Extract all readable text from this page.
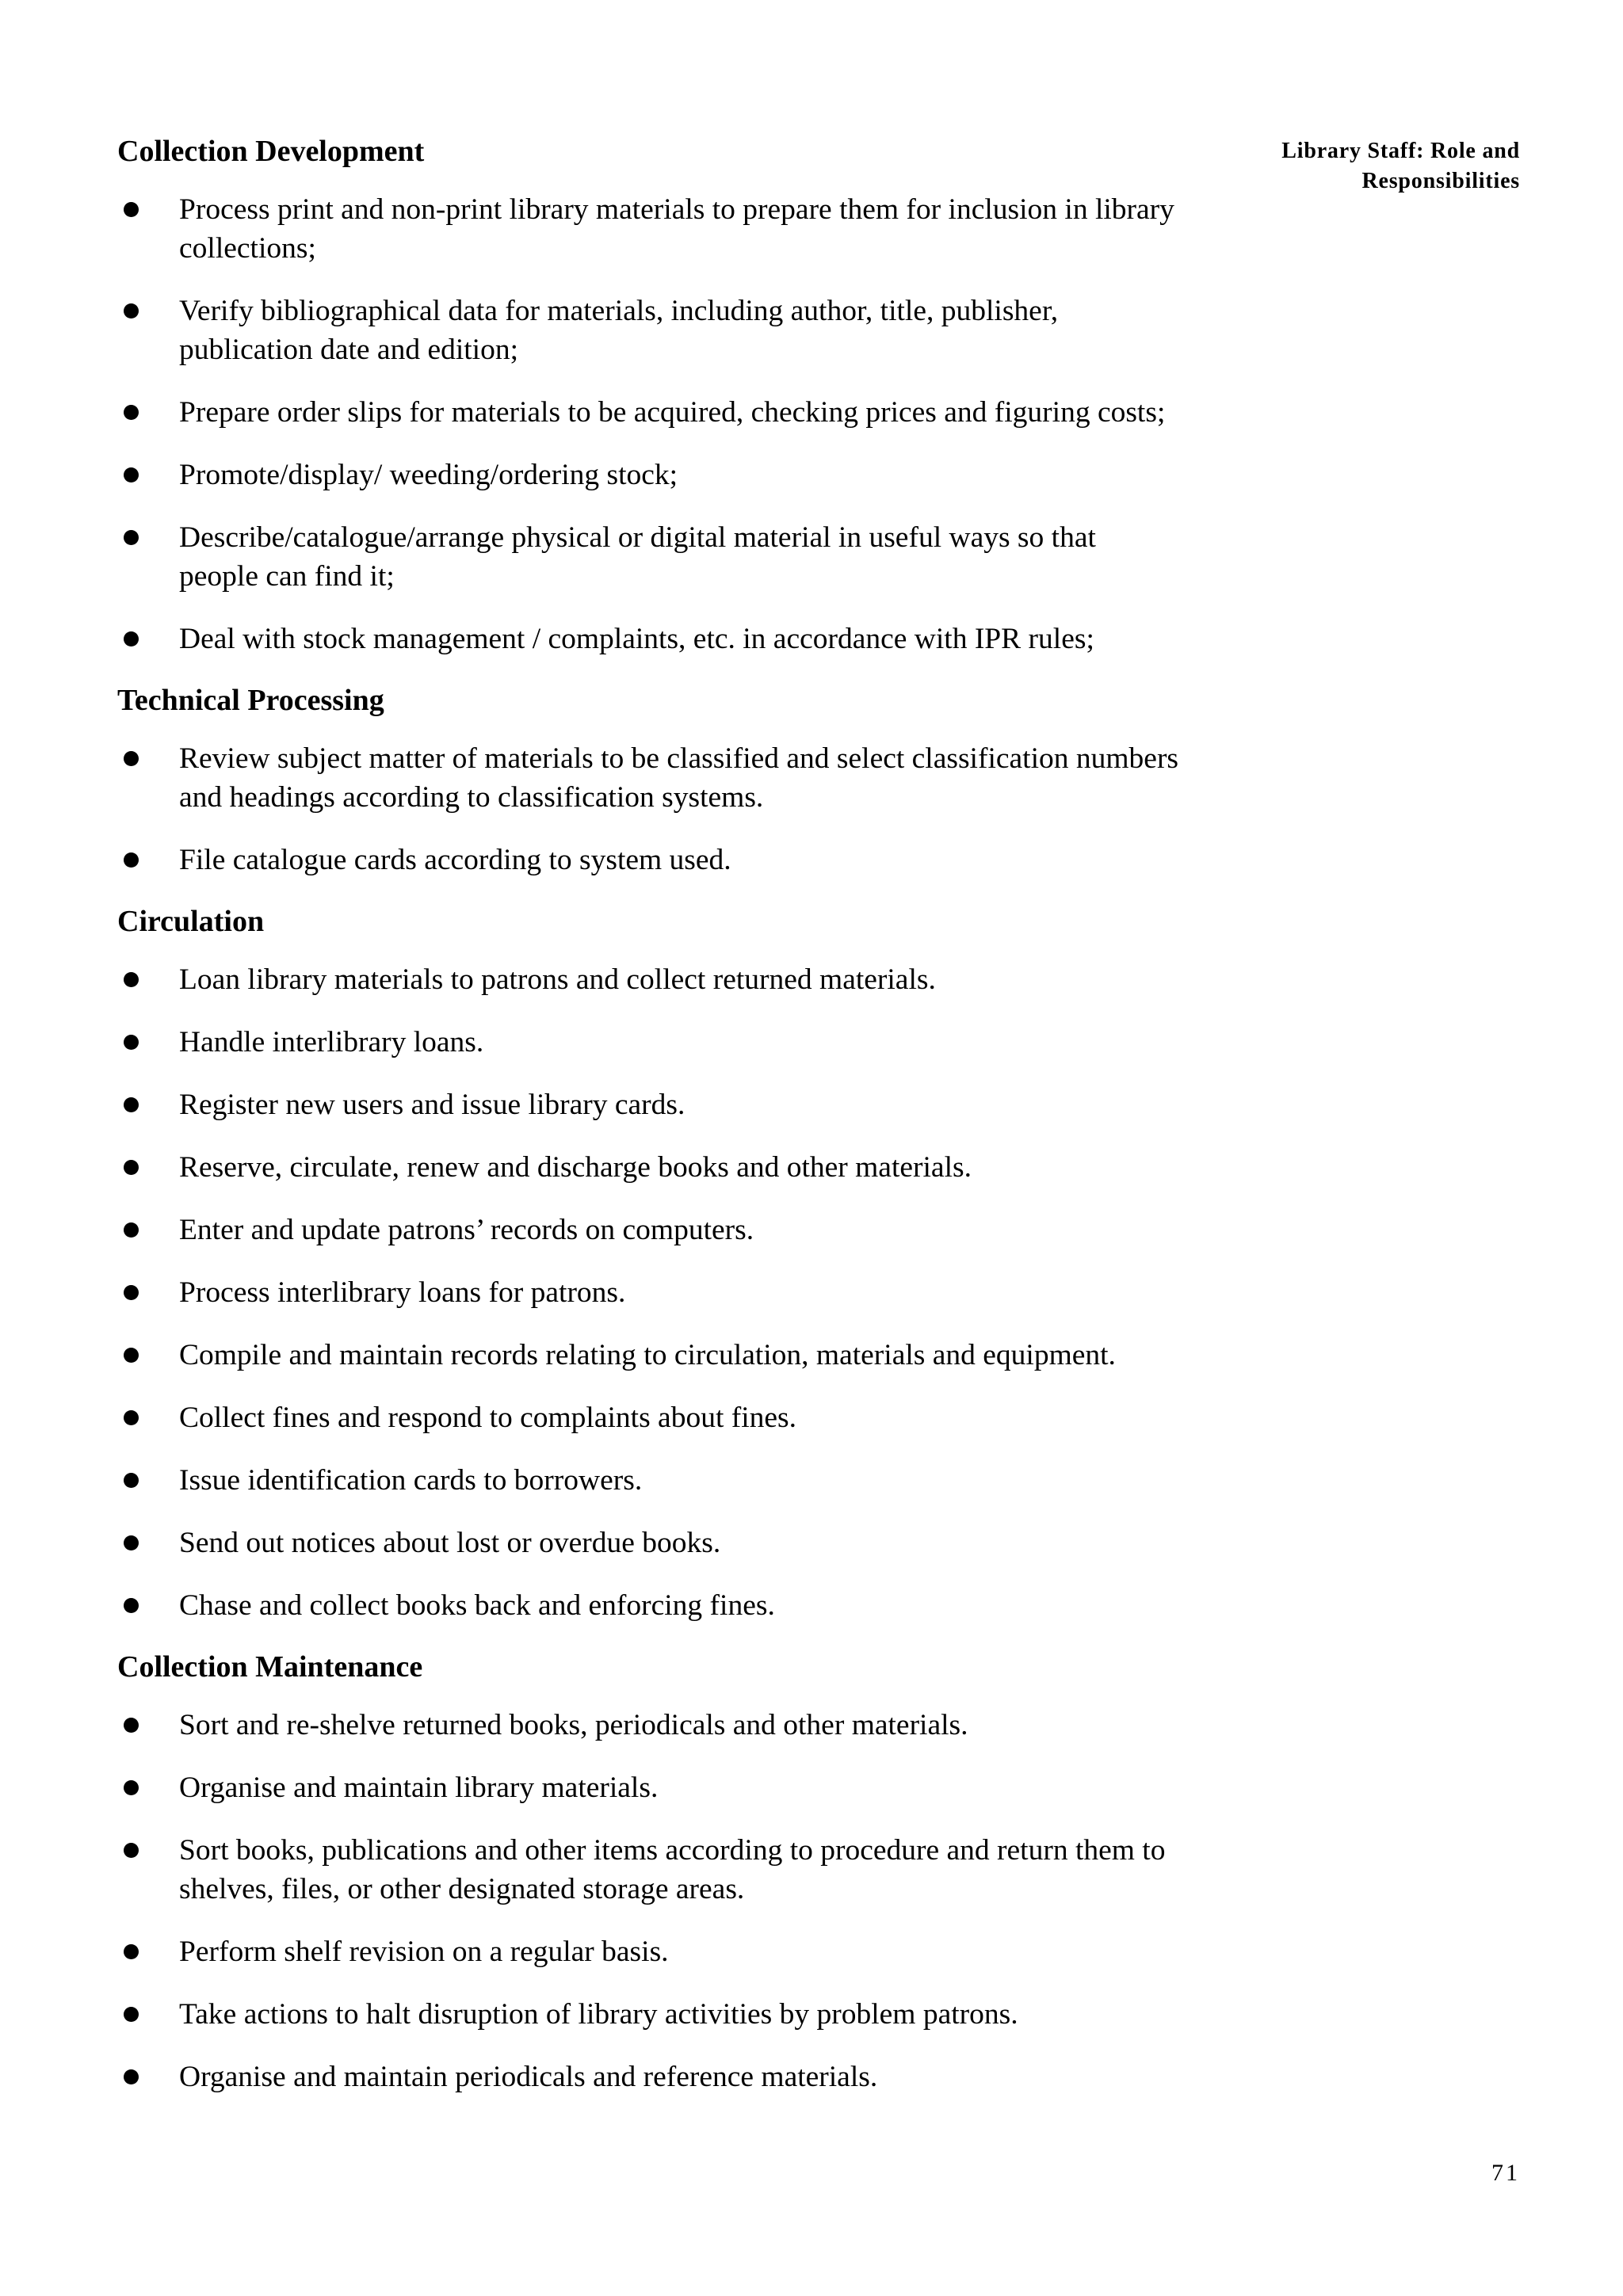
Library Staff: Role and
Responsibilities
Collection Development
Process print and non-print library materials to prepare them for inclusion in library collections;
Verify bibliographical data for materials, including author, title, publisher, publication date and edition;
Prepare order slips for materials to be acquired, checking prices and figuring costs;
Promote/display/ weeding/ordering stock;
Describe/catalogue/arrange physical or digital material in useful ways so that people can find it;
Deal with stock management / complaints, etc. in accordance with IPR rules;
Technical Processing
Review subject matter of materials to be classified and select classification numbers and headings according to classification systems.
File catalogue cards according to system used.
Circulation
Loan library materials to patrons and collect returned materials.
Handle interlibrary loans.
Register new users and issue library cards.
Reserve, circulate, renew and discharge books and other materials.
Enter and update patrons’ records on computers.
Process interlibrary loans for patrons.
Compile and maintain records relating to circulation, materials and equipment.
Collect fines and respond to complaints about fines.
Issue identification cards to borrowers.
Send out notices about lost or overdue books.
Chase and collect books back and enforcing fines.
Collection Maintenance
Sort and re-shelve returned books, periodicals and other materials.
Organise and maintain library materials.
Sort books, publications and other items according to procedure and return them to shelves, files, or other designated storage areas.
Perform shelf revision on a regular basis.
Take actions to halt disruption of library activities by problem patrons.
Organise and maintain periodicals and reference materials.
71
